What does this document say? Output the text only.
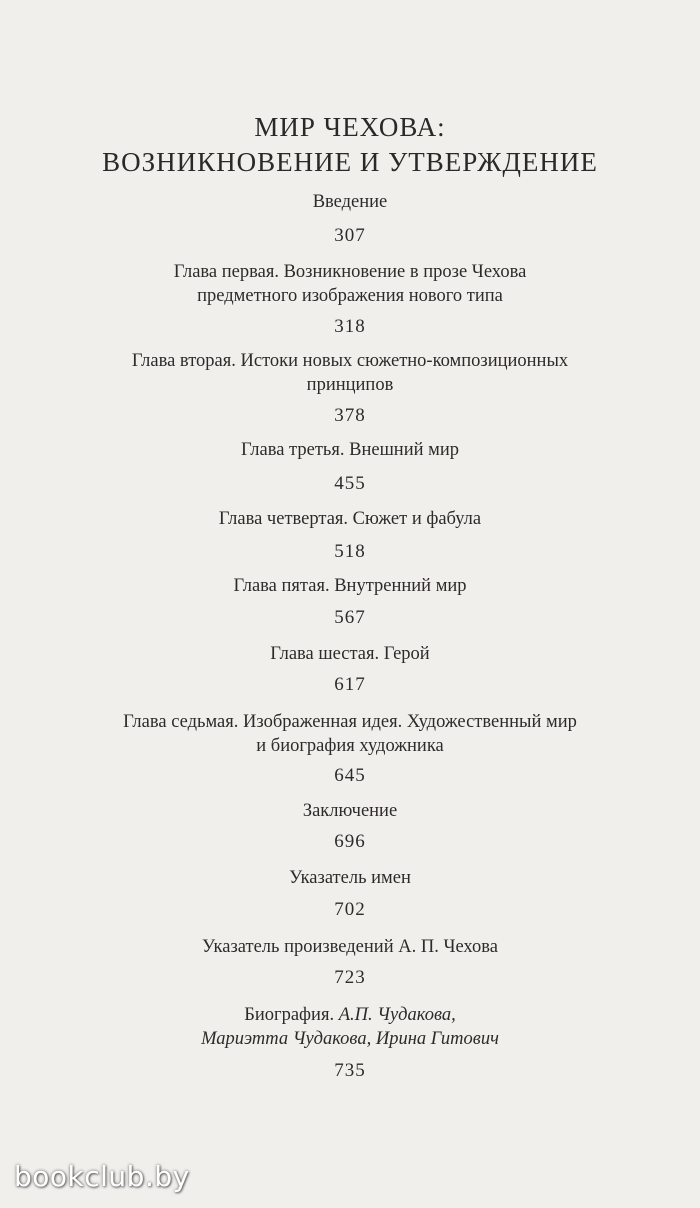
МИР ЧЕХОВА:
ВОЗНИКНОВЕНИЕ И УТВЕРЖДЕНИЕ
Введение
307
Глава первая. Возникновение в прозе Чехова
предметного изображения нового типа
318
Глава вторая. Истоки новых сюжетно-композиционных
принципов
378
Глава третья. Внешний мир
455
Глава четвертая. Сюжет и фабула
518
Глава пятая. Внутренний мир
567
Глава шестая. Герой
617
Глава седьмая. Изображенная идея. Художественный мир
и биография художника
645
Заключение
696
Указатель имен
702
Указатель произведений А. П. Чехова
723
Биография. А.П. Чудакова,
Мариэтта Чудакова, Ирина Гитович
735
bookclub.by
